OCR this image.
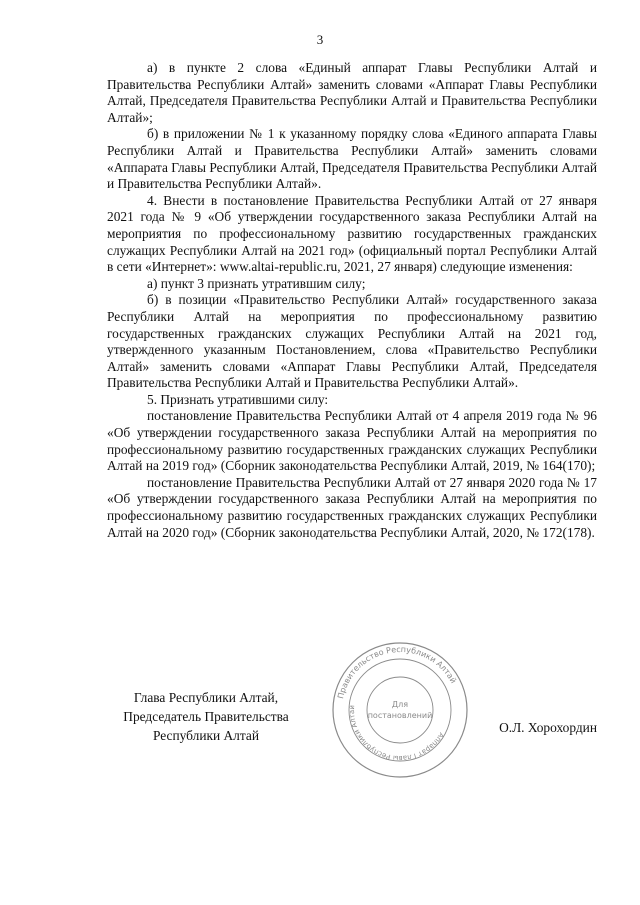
3

а) в пункте 2 слова «Единый аппарат Главы Республики Алтай и Правительства Республики Алтай» заменить словами «Аппарат Главы Республики Алтай, Председателя Правительства Республики Алтай и Правительства Республики Алтай»;

б) в приложении № 1 к указанному порядку слова «Единого аппарата Главы Республики Алтай и Правительства Республики Алтай» заменить словами «Аппарата Главы Республики Алтай, Председателя Правительства Республики Алтай и Правительства Республики Алтай».

4. Внести в постановление Правительства Республики Алтай от 27 января 2021 года № 9 «Об утверждении государственного заказа Республики Алтай на мероприятия по профессиональному развитию государственных гражданских служащих Республики Алтай на 2021 год» (официальный портал Республики Алтай в сети «Интернет»: www.altai-republic.ru, 2021, 27 января) следующие изменения:

а) пункт 3 признать утратившим силу;

б) в позиции «Правительство Республики Алтай» государственного заказа Республики Алтай на мероприятия по профессиональному развитию государственных гражданских служащих Республики Алтай на 2021 год, утвержденного указанным Постановлением, слова «Правительство Республики Алтай» заменить словами «Аппарат Главы Республики Алтай, Председателя Правительства Республики Алтай и Правительства Республики Алтай».

5. Признать утратившими силу:

постановление Правительства Республики Алтай от 4 апреля 2019 года № 96 «Об утверждении государственного заказа Республики Алтай на мероприятия по профессиональному развитию государственных гражданских служащих Республики Алтай на 2019 год» (Сборник законодательства Республики Алтай, 2019, № 164(170);

постановление Правительства Республики Алтай от 27 января 2020 года № 17 «Об утверждении государственного заказа Республики Алтай на мероприятия по профессиональному развитию государственных гражданских служащих Республики Алтай на 2020 год» (Сборник законодательства Республики Алтай, 2020, № 172(178).

Глава Республики Алтай,
Председатель Правительства
Республики Алтай
Правительство Республики Алтай
Аппарат Главы Республики Алтай	Для
постановлений
О.Л. Хорохордин
